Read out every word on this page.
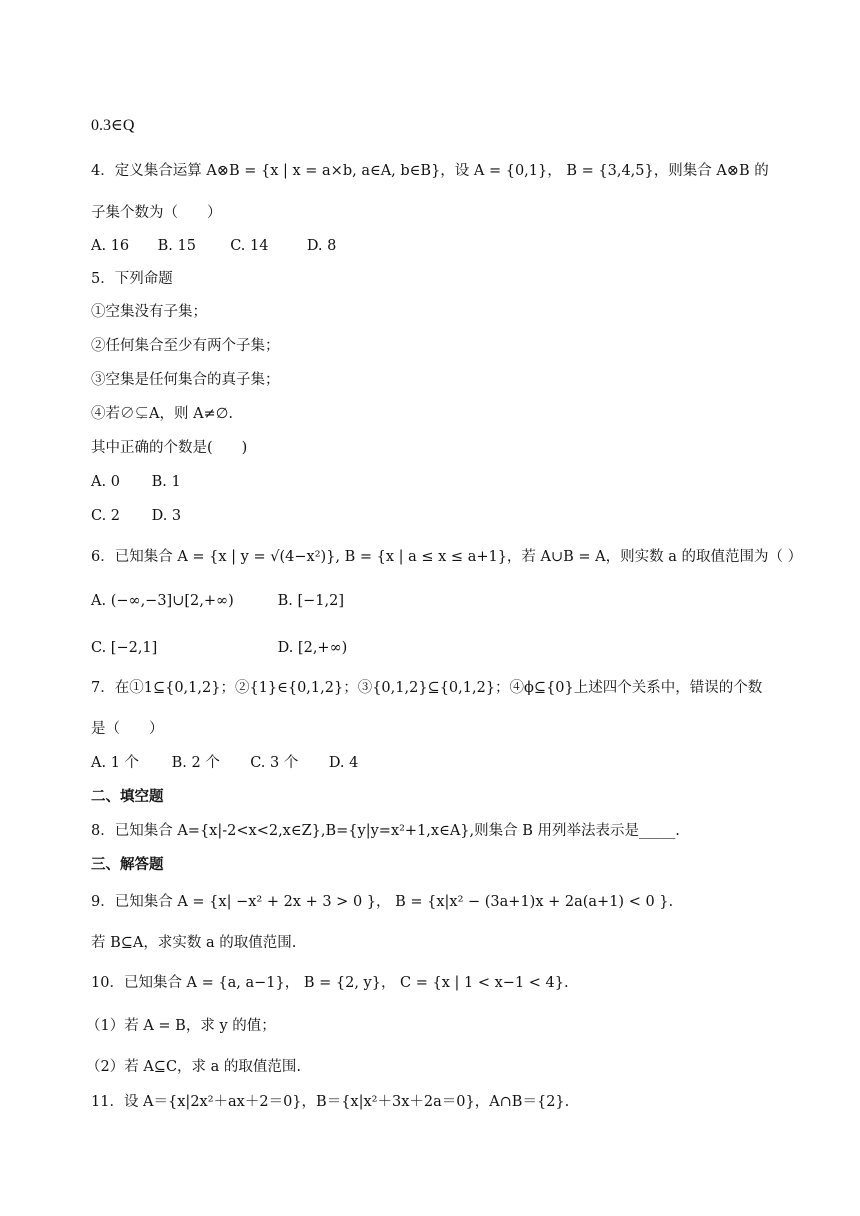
0.3∈Q
4．定义集合运算 A⊗B = {x | x = a×b, a∈A, b∈B}，设 A = {0,1}， B = {3,4,5}，则集合 A⊗B 的
子集个数为（　　）
A. 16 B. 15 C. 14	D. 8
5．下列命题
①空集没有子集；
②任何集合至少有两个子集；
③空集是任何集合的真子集；
④若∅⊊A，则 A≠∅.
其中正确的个数是(　　)
A. 0 B. 1
C. 2 D. 3
6．已知集合 A = {x | y = √(4−x²)}, B = {x | a ≤ x ≤ a+1}，若 A∪B = A，则实数 a 的取值范围为（ ）
A. (−∞,−3]∪[2,+∞)	B. [−1,2]
C. [−2,1]	D. [2,+∞)
7．在①1⊆{0,1,2}；②{1}∈{0,1,2}；③{0,1,2}⊆{0,1,2}；④ϕ⊆{0}上述四个关系中，错误的个数
是（　　）
A. 1 个 B. 2 个 C. 3 个 D. 4
二、填空题
8．已知集合 A={x|-2<x<2,x∈Z},B={y|y=x²+1,x∈A},则集合 B 用列举法表示是_____.
三、解答题
9．已知集合 A = {x| −x² + 2x + 3 > 0 }， B = {x|x² − (3a+1)x + 2a(a+1) < 0 }.
若 B⊆A，求实数 a 的取值范围.
10．已知集合 A = {a, a−1}， B = {2, y}， C = {x | 1 < x−1 < 4}.
（1）若 A = B，求 y 的值；
（2）若 A⊆C，求 a 的取值范围.
11．设 A＝{x|2x²＋ax＋2＝0}，B＝{x|x²＋3x＋2a＝0}，A∩B＝{2}.
